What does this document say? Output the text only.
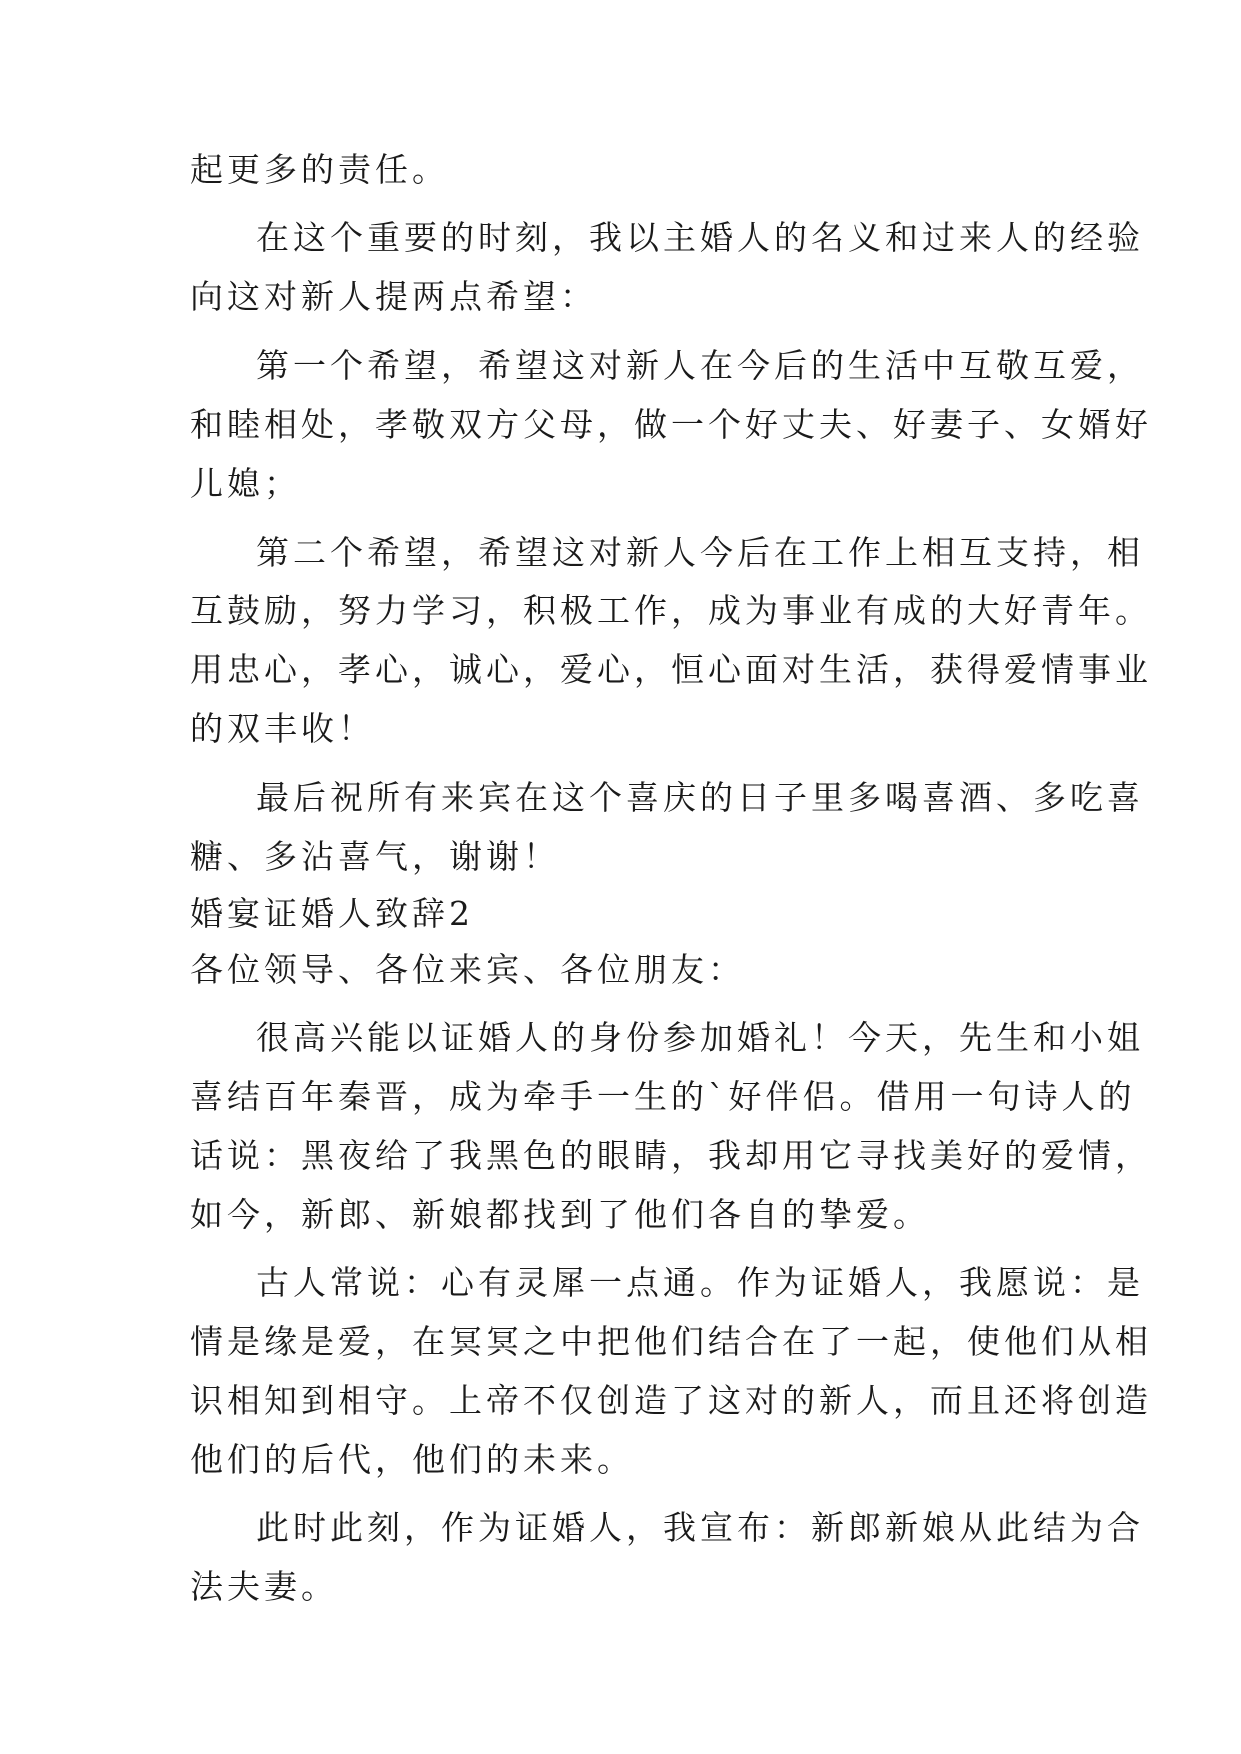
起更多的责任。
在这个重要的时刻，我以主婚人的名义和过来人的经验
向这对新人提两点希望：
第一个希望，希望这对新人在今后的生活中互敬互爱，
和睦相处，孝敬双方父母，做一个好丈夫、好妻子、女婿好
儿媳；
第二个希望，希望这对新人今后在工作上相互支持，相
互鼓励，努力学习，积极工作，成为事业有成的大好青年。
用忠心，孝心，诚心，爱心，恒心面对生活，获得爱情事业
的双丰收！
最后祝所有来宾在这个喜庆的日子里多喝喜酒、多吃喜
糖、多沾喜气，谢谢！
婚宴证婚人致辞2
各位领导、各位来宾、各位朋友：
很高兴能以证婚人的身份参加婚礼！今天，先生和小姐
喜结百年秦晋，成为牵手一生的`好伴侣。借用一句诗人的
话说：黑夜给了我黑色的眼睛，我却用它寻找美好的爱情，
如今，新郎、新娘都找到了他们各自的挚爱。
古人常说：心有灵犀一点通。作为证婚人，我愿说：是
情是缘是爱，在冥冥之中把他们结合在了一起，使他们从相
识相知到相守。上帝不仅创造了这对的新人，而且还将创造
他们的后代，他们的未来。
此时此刻，作为证婚人，我宣布：新郎新娘从此结为合
法夫妻。
